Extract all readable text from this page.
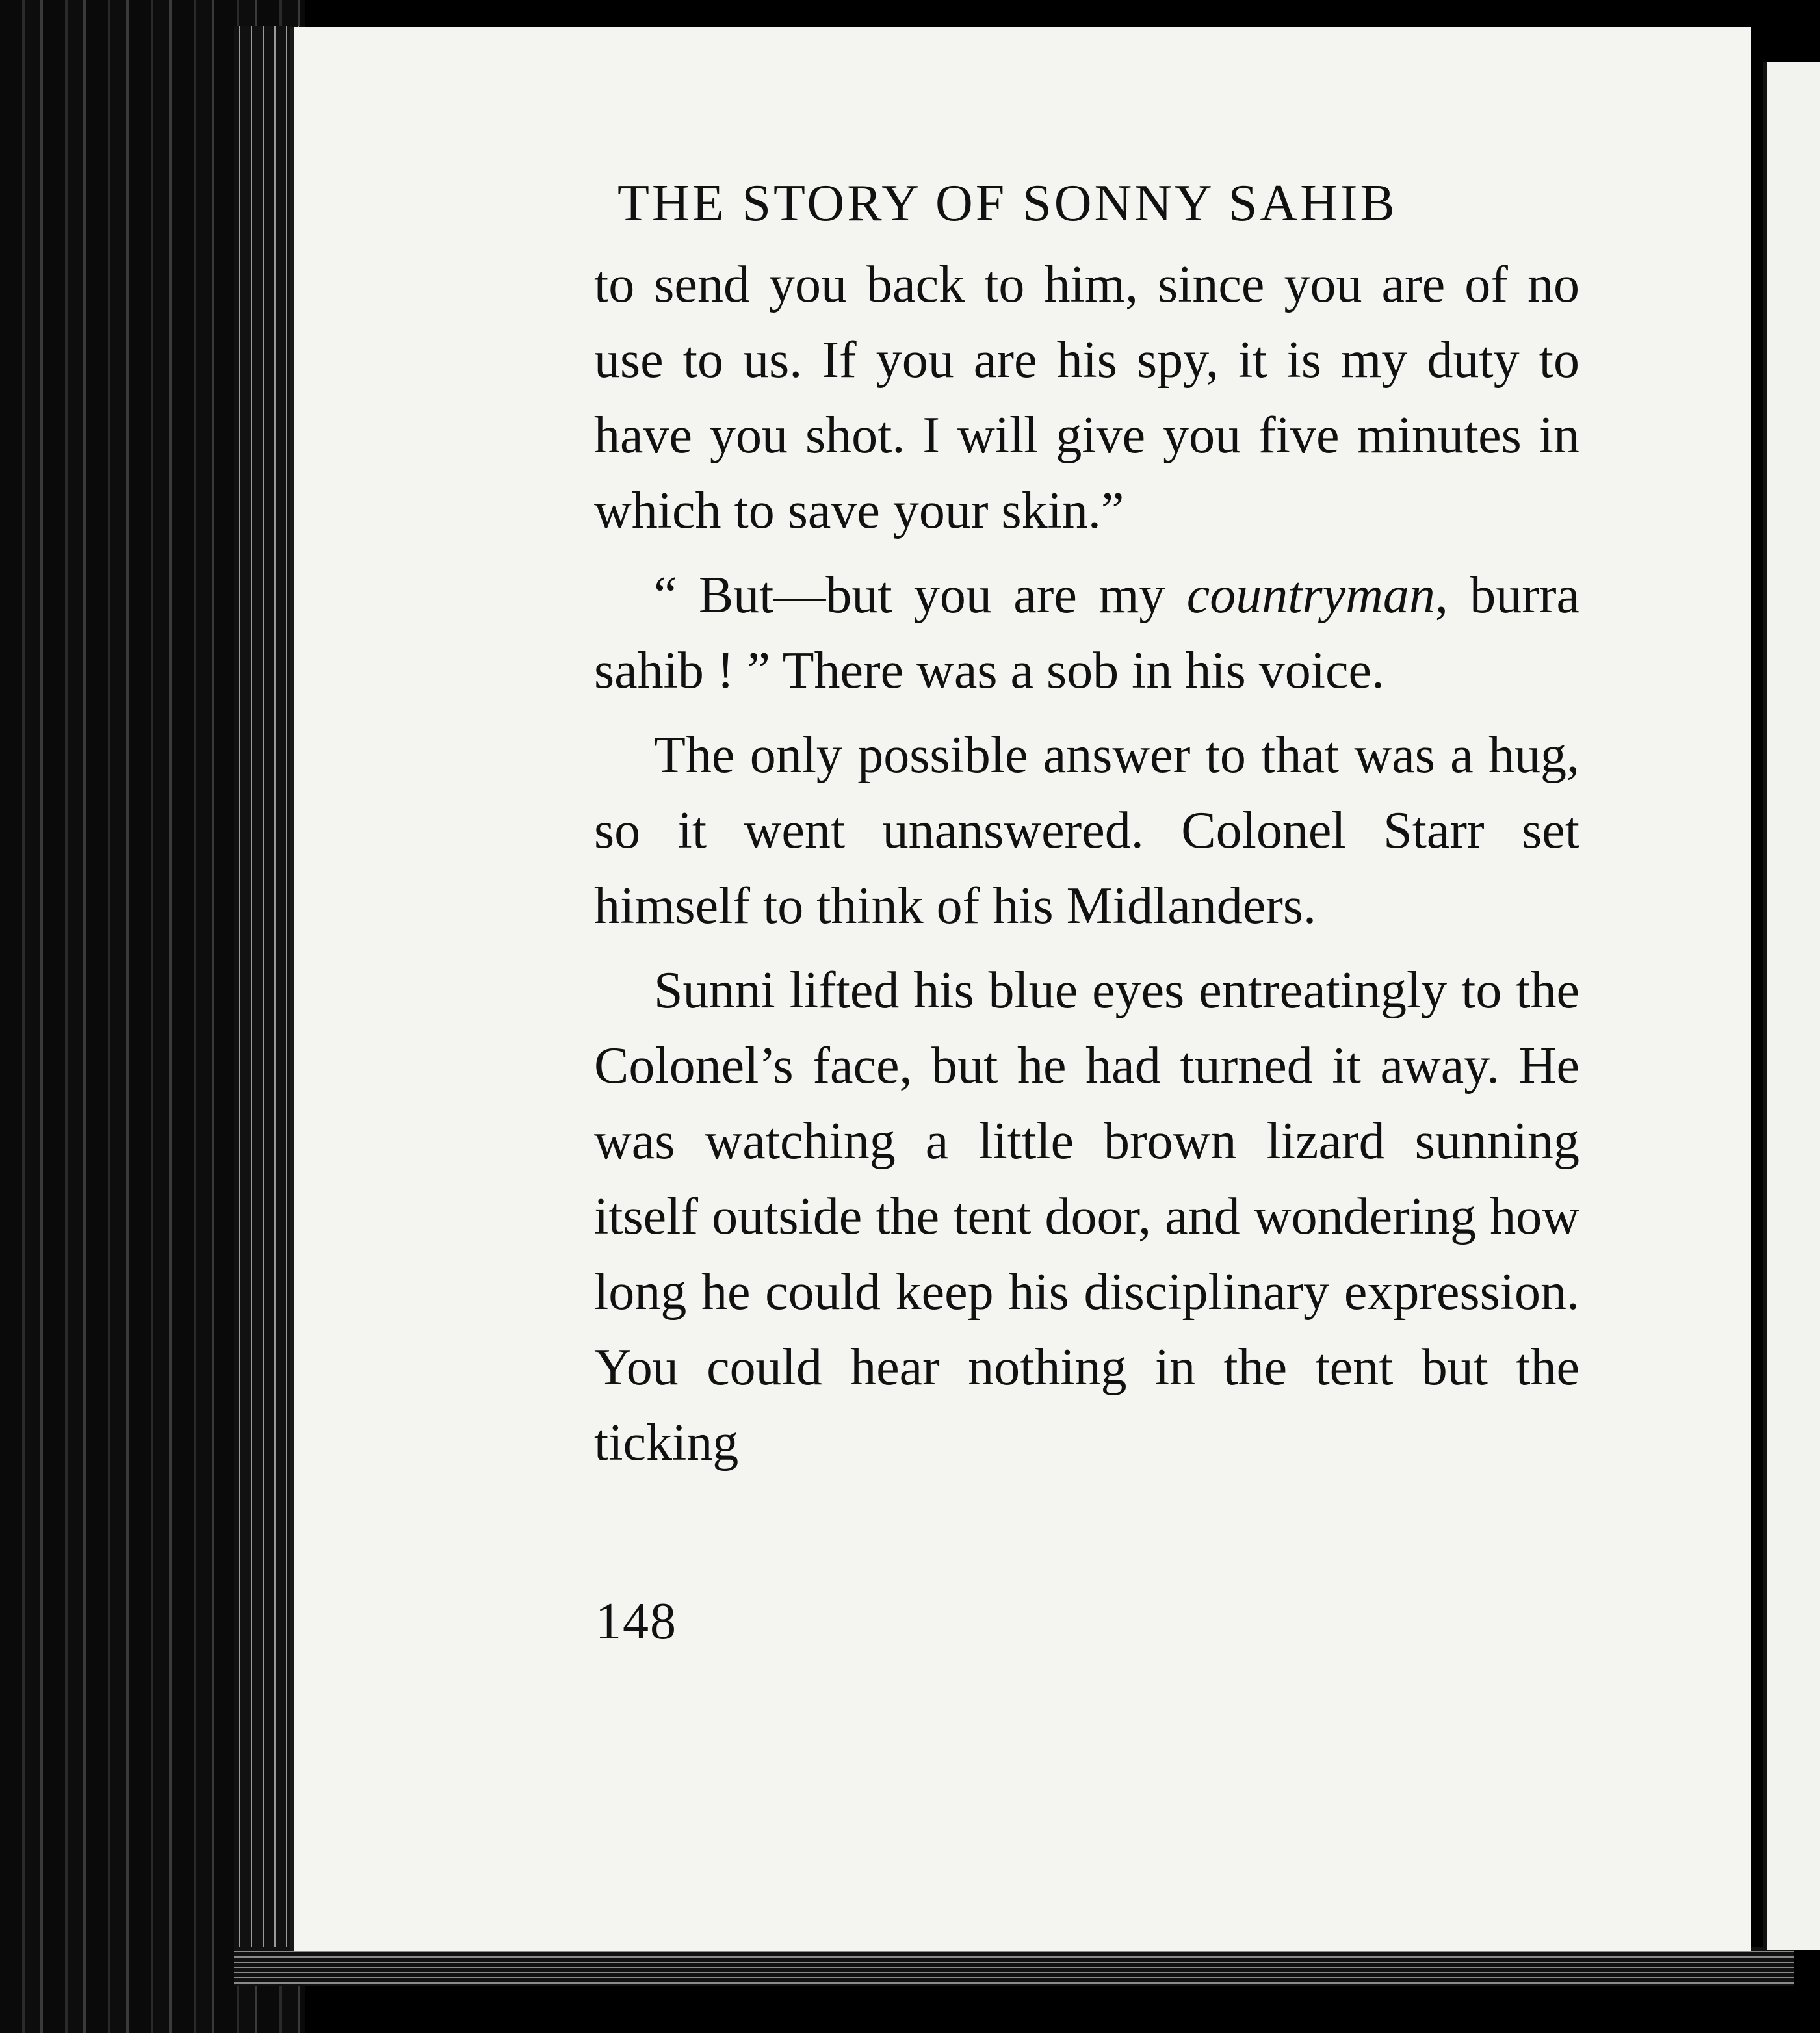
THE STORY OF SONNY SAHIB

to send you back to him, since you are of no use to us. If you are his spy, it is my duty to have you shot. I will give you five minutes in which to save your skin.”

“ But—but you are my countryman, burra sahib ! ” There was a sob in his voice.

The only possible answer to that was a hug, so it went unanswered. Colonel Starr set himself to think of his Midlanders.

Sunni lifted his blue eyes entreatingly to the Colonel’s face, but he had turned it away. He was watching a little brown lizard sunning itself outside the tent door, and wondering how long he could keep his disciplinary expression. You could hear nothing in the tent but the ticking

148
